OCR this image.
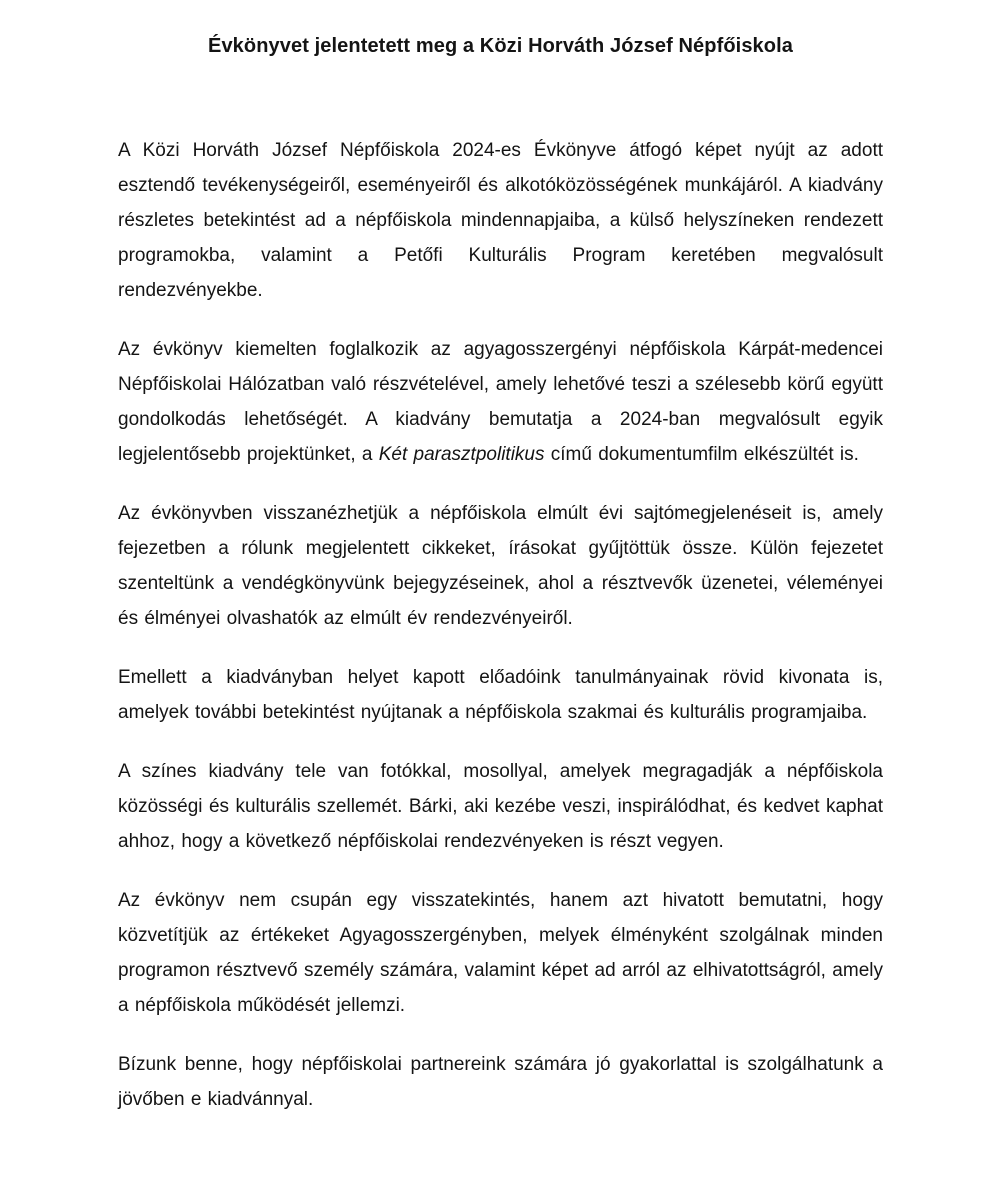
Évkönyvet jelentetett meg a Közi Horváth József Népfőiskola

A Közi Horváth József Népfőiskola 2024-es Évkönyve átfogó képet nyújt az adott esztendő tevékenységeiről, eseményeiről és alkotóközösségének munkájáról. A kiadvány részletes betekintést ad a népfőiskola mindennapjaiba, a külső helyszíneken rendezett programokba, valamint a Petőfi Kulturális Program keretében megvalósult rendezvényekbe.

Az évkönyv kiemelten foglalkozik az agyagosszergényi népfőiskola Kárpát-medencei Népfőiskolai Hálózatban való részvételével, amely lehetővé teszi a szélesebb körű együtt gondolkodás lehetőségét. A kiadvány bemutatja a 2024-ban megvalósult egyik legjelentősebb projektünket, a Két parasztpolitikus című dokumentumfilm elkészültét is.

Az évkönyvben visszanézhetjük a népfőiskola elmúlt évi sajtómegjelenéseit is, amely fejezetben a rólunk megjelentett cikkeket, írásokat gyűjtöttük össze. Külön fejezetet szenteltünk a vendégkönyvünk bejegyzéseinek, ahol a résztvevők üzenetei, véleményei és élményei olvashatók az elmúlt év rendezvényeiről.

Emellett a kiadványban helyet kapott előadóink tanulmányainak rövid kivonata is, amelyek további betekintést nyújtanak a népfőiskola szakmai és kulturális programjaiba.

A színes kiadvány tele van fotókkal, mosollyal, amelyek megragadják a népfőiskola közösségi és kulturális szellemét. Bárki, aki kezébe veszi, inspirálódhat, és kedvet kaphat ahhoz, hogy a következő népfőiskolai rendezvényeken is részt vegyen.

Az évkönyv nem csupán egy visszatekintés, hanem azt hivatott bemutatni, hogy közvetítjük az értékeket Agyagosszergényben, melyek élményként szolgálnak minden programon résztvevő személy számára, valamint képet ad arról az elhivatottságról, amely a népfőiskola működését jellemzi.

Bízunk benne, hogy népfőiskolai partnereink számára jó gyakorlattal is szolgálhatunk a jövőben e kiadvánnyal.
